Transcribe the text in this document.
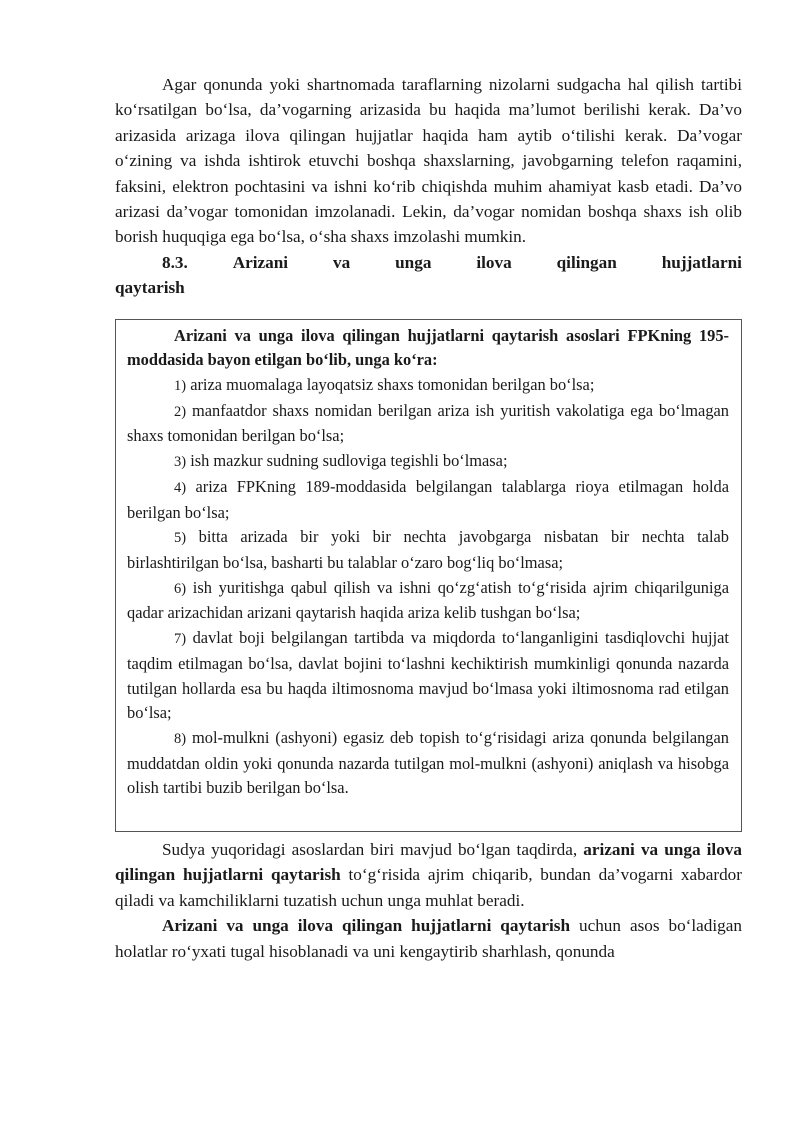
Agar qonunda yoki shartnomada taraflarning nizolarni sudgacha hal qilish tartibi ko‘rsatilgan bo‘lsa, da’vogarning arizasida bu haqida ma’lumot berilishi kerak. Da’vo arizasida arizaga ilova qilingan hujjatlar haqida ham aytib o‘tilishi kerak. Da’vogar o‘zining va ishda ishtirok etuvchi boshqa shaxslarning, javobgarning telefon raqamini, faksini, elektron pochtasini va ishni ko‘rib chiqishda muhim ahamiyat kasb etadi. Da’vo arizasi da’vogar tomonidan imzolanadi. Lekin, da’vogar nomidan boshqa shaxs ish olib borish huquqiga ega bo‘lsa, o‘sha shaxs imzolashi mumkin.

8.3.	Arizani	va	unga	ilova	qilingan	hujjatlarni
qaytarish

Arizani va unga ilova qilingan hujjatlarni qaytarish asoslari FPKning 195-moddasida bayon etilgan bo‘lib, unga ko‘ra:

1) ariza muomalaga layoqatsiz shaxs tomonidan berilgan bo‘lsa;

2) manfaatdor shaxs nomidan berilgan ariza ish yuritish vakolatiga ega bo‘lmagan shaxs tomonidan berilgan bo‘lsa;

3) ish mazkur sudning sudloviga tegishli bo‘lmasa;

4) ariza FPKning 189-moddasida belgilangan talablarga rioya etilmagan holda berilgan bo‘lsa;

5) bitta arizada bir yoki bir nechta javobgarga nisbatan bir nechta talab birlashtirilgan bo‘lsa, basharti bu talablar o‘zaro bog‘liq bo‘lmasa;

6) ish yuritishga qabul qilish va ishni qo‘zg‘atish to‘g‘risida ajrim chiqarilguniga qadar arizachidan arizani qaytarish haqida ariza kelib tushgan bo‘lsa;

7) davlat boji belgilangan tartibda va miqdorda to‘langanligini tasdiqlovchi hujjat taqdim etilmagan bo‘lsa, davlat bojini to‘lashni kechiktirish mumkinligi qonunda nazarda tutilgan hollarda esa bu haqda iltimosnoma mavjud bo‘lmasa yoki iltimosnoma rad etilgan bo‘lsa;

8) mol-mulkni (ashyoni) egasiz deb topish to‘g‘risidagi ariza qonunda belgilangan muddatdan oldin yoki qonunda nazarda tutilgan mol-mulkni (ashyoni) aniqlash va hisobga olish tartibi buzib berilgan bo‘lsa.

Sudya yuqoridagi asoslardan biri mavjud bo‘lgan taqdirda, arizani va unga ilova qilingan hujjatlarni qaytarish to‘g‘risida ajrim chiqarib, bundan da’vogarni xabardor qiladi va kamchiliklarni tuzatish uchun unga muhlat beradi.

Arizani va unga ilova qilingan hujjatlarni qaytarish uchun asos bo‘ladigan holatlar ro‘yxati tugal hisoblanadi va uni kengaytirib sharhlash, qonunda
